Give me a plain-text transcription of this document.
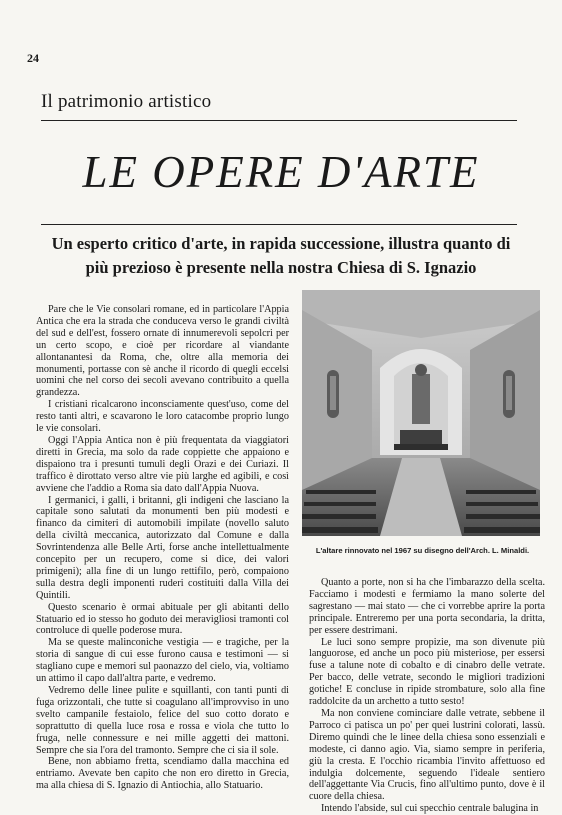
24
Il patrimonio artistico
LE OPERE D'ARTE
Un esperto critico d'arte, in rapida successione, illustra quanto di più prezioso è presente nella nostra Chiesa di S. Ignazio

Pare che le Vie consolari romane, ed in particolare l'Appia Antica che era la strada che conduceva verso le grandi civiltà del sud e dell'est, fossero ornate di innumerevoli sepolcri per un certo scopo, e cioè per ricordare al viandante allontanantesi da Roma, che, oltre alla memoria dei monumenti, portasse con sè anche il ricordo di quegli eccelsi uomini che nel corso dei secoli avevano contribuito a quella grandezza.

I cristiani ricalcarono inconsciamente quest'uso, come del resto tanti altri, e scavarono le loro catacombe proprio lungo le vie consolari.

Oggi l'Appia Antica non è più frequentata da viaggiatori diretti in Grecia, ma solo da rade coppiette che appaiono e dispaiono tra i presunti tumuli degli Orazi e dei Curiazi. Il traffico è dirottato verso altre vie più larghe ed agibili, e così avviene che l'addio a Roma sia dato dall'Appia Nuova.

I germanici, i galli, i britanni, gli indigeni che lasciano la capitale sono salutati da monumenti ben più modesti e financo da cimiteri di automobili impilate (novello saluto della civiltà meccanica, autorizzato dal Comune e dalla Sovrintendenza alle Belle Arti, forse anche intellettualmente concepito per un recupero, come si dice, dei valori primigeni); alla fine di un lungo rettifilo, però, compaiono sulla destra degli imponenti ruderi costituiti dalla Villa dei Quintili.

Questo scenario è ormai abituale per gli abitanti dello Statuario ed io stesso ho goduto dei meravigliosi tramonti col controluce di quelle poderose mura.

Ma se queste malinconiche vestigia — e tragiche, per la storia di sangue di cui esse furono causa e testimoni — si stagliano cupe e memori sul paonazzo del cielo, via, voltiamo un attimo il capo dall'altra parte, e vedremo.

Vedremo delle linee pulite e squillanti, con tanti punti di fuga orizzontali, che tutte si coagulano all'improvviso in uno svelto campanile festaiolo, felice del suo cotto dorato e soprattutto di quella luce rosa e rossa e viola che tutto lo fruga, nelle connessure e nei mille aggetti dei mattoni. Sempre che sia l'ora del tramonto. Sempre che ci sia il sole.

Bene, non abbiamo fretta, scendiamo dalla macchina ed entriamo. Avevate ben capito che non ero diretto in Grecia, ma alla chiesa di S. Ignazio di Antiochia, allo Statuario.

L'altare rinnovato nel 1967 su disegno dell'Arch. L. Minaldi.

Quanto a porte, non si ha che l'imbarazzo della scelta. Facciamo i modesti e fermiamo la mano solerte del sagrestano — mai stato — che ci vorrebbe aprire la porta principale. Entreremo per una porta secondaria, la dritta, per essere destrimani.

Le luci sono sempre propizie, ma son divenute più languorose, ed anche un poco più misteriose, per essersi fuse a talune note di cobalto e di cinabro delle vetrate. Per bacco, delle vetrate, secondo le migliori tradizioni gotiche! E concluse in ripide strombature, solo alla fine raddolcite da un archetto a tutto sesto!

Ma non conviene cominciare dalle vetrate, sebbene il Parroco ci patisca un po' per quei lustrini colorati, lassù. Diremo quindi che le linee della chiesa sono essenziali e modeste, ci danno agio. Via, siamo sempre in periferia, giù la cresta. E l'occhio ricambia l'invito affettuoso ed indulgia dolcemente, seguendo l'ideale sentiero dell'aggettante Via Crucis, fino all'ultimo punto, dove è il cuore della chiesa.

Intendo l'abside, sul cui specchio centrale balugina in
